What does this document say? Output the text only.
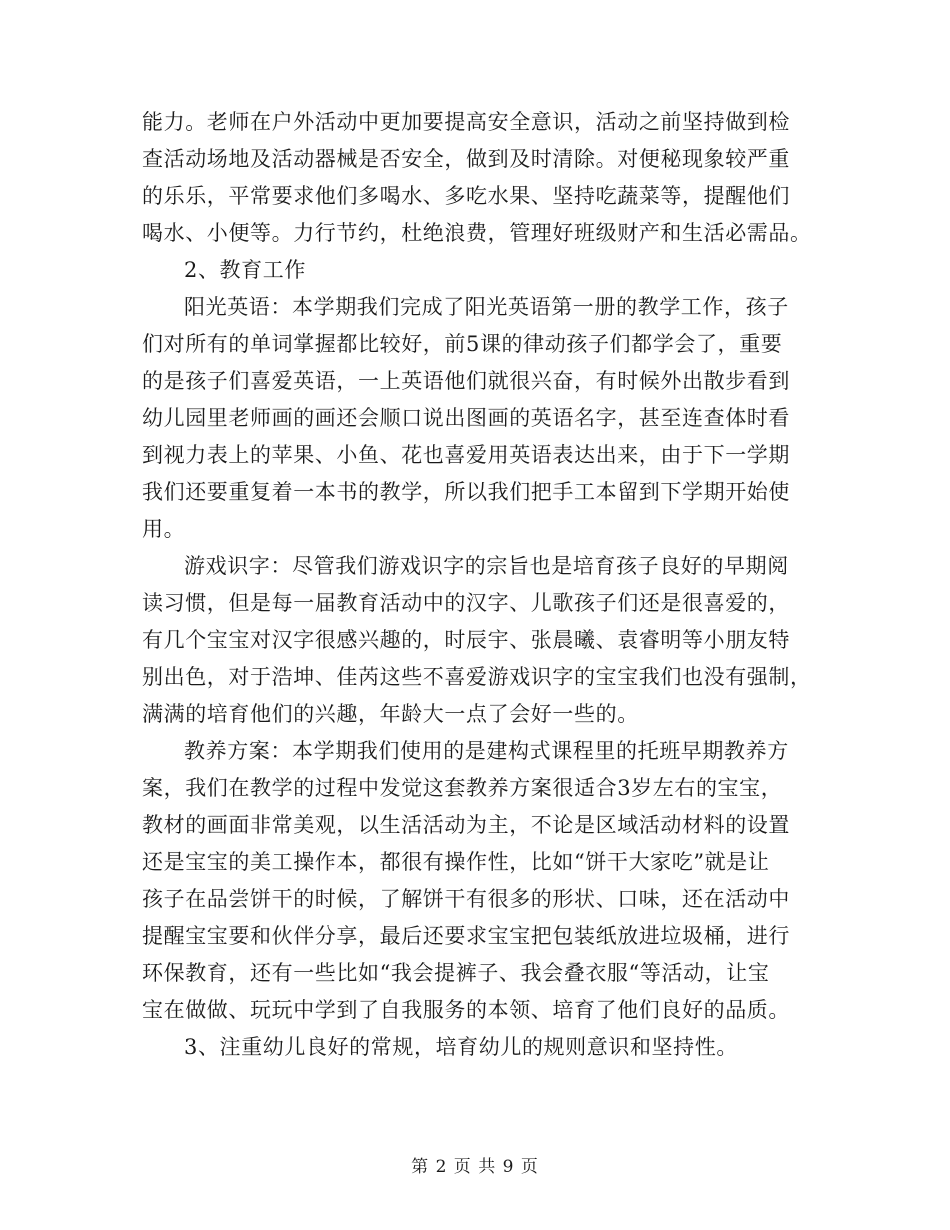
能力。老师在户外活动中更加要提高安全意识，活动之前坚持做到检
查活动场地及活动器械是否安全，做到及时清除。对便秘现象较严重
的乐乐，平常要求他们多喝水、多吃水果、坚持吃蔬菜等，提醒他们
喝水、小便等。力行节约，杜绝浪费，管理好班级财产和生活必需品。
2、教育工作
阳光英语：本学期我们完成了阳光英语第一册的教学工作，孩子
们对所有的单词掌握都比较好，前5课的律动孩子们都学会了，重要
的是孩子们喜爱英语，一上英语他们就很兴奋，有时候外出散步看到
幼儿园里老师画的画还会顺口说出图画的英语名字，甚至连查体时看
到视力表上的苹果、小鱼、花也喜爱用英语表达出来，由于下一学期
我们还要重复着一本书的教学，所以我们把手工本留到下学期开始使
用。
游戏识字：尽管我们游戏识字的宗旨也是培育孩子良好的早期阅
读习惯，但是每一届教育活动中的汉字、儿歌孩子们还是很喜爱的，
有几个宝宝对汉字很感兴趣的，时辰宇、张晨曦、袁睿明等小朋友特
别出色，对于浩坤、佳芮这些不喜爱游戏识字的宝宝我们也没有强制，
满满的培育他们的兴趣，年龄大一点了会好一些的。
教养方案：本学期我们使用的是建构式课程里的托班早期教养方
案，我们在教学的过程中发觉这套教养方案很适合3岁左右的宝宝，
教材的画面非常美观，以生活活动为主，不论是区域活动材料的设置
还是宝宝的美工操作本，都很有操作性，比如“饼干大家吃”就是让
孩子在品尝饼干的时候，了解饼干有很多的形状、口味，还在活动中
提醒宝宝要和伙伴分享，最后还要求宝宝把包装纸放进垃圾桶，进行
环保教育，还有一些比如“我会提裤子、我会叠衣服“等活动，让宝
宝在做做、玩玩中学到了自我服务的本领、培育了他们良好的品质。
3、注重幼儿良好的常规，培育幼儿的规则意识和坚持性。
第 2 页 共 9 页
